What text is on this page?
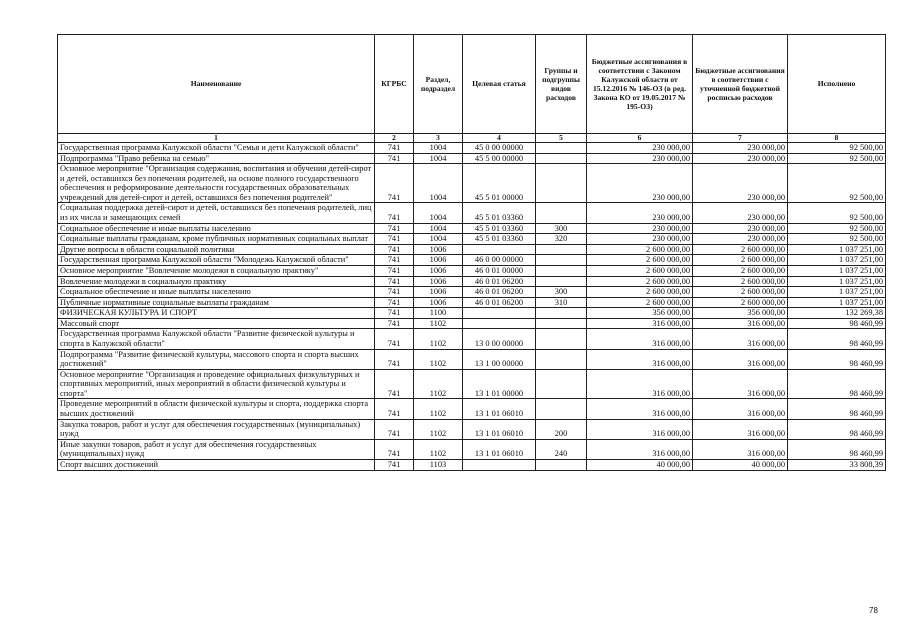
Наименование	КГРБС	Раздел, подраздел	Целевая статья	Группы и подгруппы видов расходов	Бюджетные ассигнования в соответствии с Законом Калужской области от 15.12.2016 № 146-ОЗ (в ред. Закона КО от 19.05.2017 № 195-ОЗ)	Бюджетные ассигнования в соответствии с уточненной бюджетной росписью расходов	Исполнено
1	2	3	4	5	6	7	8
Государственная программа Калужской области "Семья и дети Калужской области"	741	1004	45 0 00 00000		230 000,00	230 000,00	92 500,00
Подпрограмма "Право ребенка на семью"	741	1004	45 5 00 00000		230 000,00	230 000,00	92 500,00
Основное мероприятие "Организация содержания, воспитания и обучения детей-сирот и детей, оставшихся без попечения родителей, на основе полного государственного обеспечения и реформирование деятельности государственных образовательных учреждений для детей-сирот и детей, оставшихся без попечения родителей"	741	1004	45 5 01 00000		230 000,00	230 000,00	92 500,00
Социальная поддержка детей-сирот и детей, оставшихся без попечения родителей, лиц из их числа и замещающих семей	741	1004	45 5 01 03360		230 000,00	230 000,00	92 500,00
Социальное обеспечение и иные выплаты населению	741	1004	45 5 01 03360	300	230 000,00	230 000,00	92 500,00
Социальные выплаты гражданам, кроме публичных нормативных социальных выплат	741	1004	45 5 01 03360	320	230 000,00	230 000,00	92 500,00
Другие вопросы в области социальной политики	741	1006			2 600 000,00	2 600 000,00	1 037 251,00
Государственная программа Калужской области "Молодежь Калужской области"	741	1006	46 0 00 00000		2 600 000,00	2 600 000,00	1 037 251,00
Основное мероприятие "Вовлечение молодежи в социальную практику"	741	1006	46 0 01 00000		2 600 000,00	2 600 000,00	1 037 251,00
Вовлечение молодежи в социальную практику	741	1006	46 0 01 06200		2 600 000,00	2 600 000,00	1 037 251,00
Социальное обеспечение и иные выплаты населению	741	1006	46 0 01 06200	300	2 600 000,00	2 600 000,00	1 037 251,00
Публичные нормативные социальные выплаты гражданам	741	1006	46 0 01 06200	310	2 600 000,00	2 600 000,00	1 037 251,00
ФИЗИЧЕСКАЯ КУЛЬТУРА И СПОРТ	741	1100			356 000,00	356 000,00	132 269,38
Массовый спорт	741	1102			316 000,00	316 000,00	98 460,99
Государственная программа Калужской области "Развитие физической культуры и спорта в Калужской области"	741	1102	13 0 00 00000		316 000,00	316 000,00	98 460,99
Подпрограмма "Развитие физической культуры, массового спорта и спорта высших достижений"	741	1102	13 1 00 00000		316 000,00	316 000,00	98 460,99
Основное мероприятие "Организация и проведение официальных физкультурных и спортивных мероприятий, иных мероприятий в области физической культуры и спорта"	741	1102	13 1 01 00000		316 000,00	316 000,00	98 460,99
Проведение мероприятий в области физической культуры и спорта, поддержка спорта высших достижений	741	1102	13 1 01 06010		316 000,00	316 000,00	98 460,99
Закупка товаров, работ и услуг для обеспечения государственных (муниципальных) нужд	741	1102	13 1 01 06010	200	316 000,00	316 000,00	98 460,99
Иные закупки товаров, работ и услуг для обеспечения государственных (муниципальных) нужд	741	1102	13 1 01 06010	240	316 000,00	316 000,00	98 460,99
Спорт высших достижений	741	1103			40 000,00	40 000,00	33 808,39
78
